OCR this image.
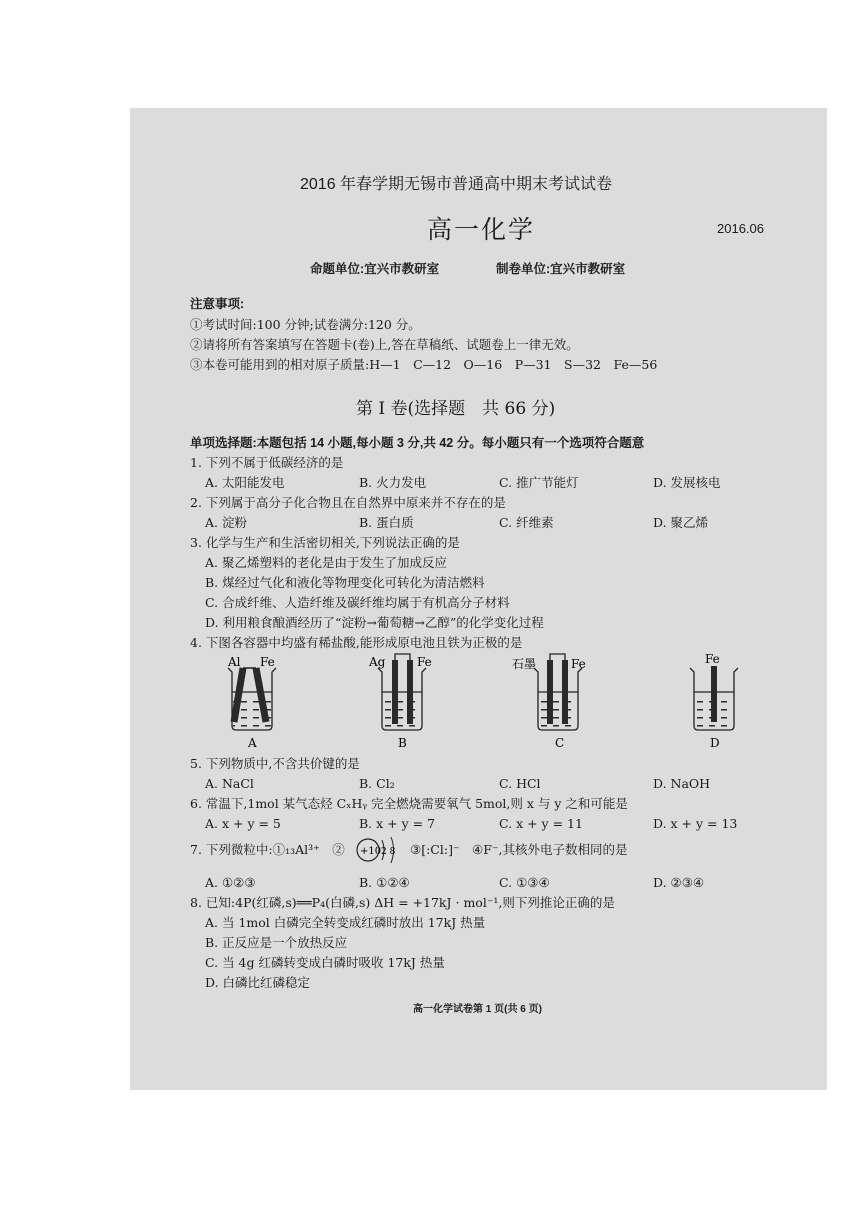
2016 年春学期无锡市普通高中期末考试试卷
高一化学	2016.06
命题单位:宜兴市教研室	制卷单位:宜兴市教研室
注意事项:
①考试时间:100 分钟;试卷满分:120 分。
②请将所有答案填写在答题卡(卷)上,答在草稿纸、试题卷上一律无效。
③本卷可能用到的相对原子质量:H—1　C—12　O—16　P—31　S—32　Fe—56
第 Ⅰ 卷(选择题　共 66 分)
单项选择题:本题包括 14 小题,每小题 3 分,共 42 分。每小题只有一个选项符合题意
1. 下列不属于低碳经济的是
A. 太阳能发电	B. 火力发电	C. 推广节能灯	D. 发展核电
2. 下列属于高分子化合物且在自然界中原来并不存在的是
A. 淀粉	B. 蛋白质	C. 纤维素	D. 聚乙烯
3. 化学与生产和生活密切相关,下列说法正确的是
A. 聚乙烯塑料的老化是由于发生了加成反应
B. 煤经过气化和液化等物理变化可转化为清洁燃料
C. 合成纤维、人造纤维及碳纤维均属于有机高分子材料
D. 利用粮食酿酒经历了“淀粉→葡萄糖→乙醇”的化学变化过程
4. 下图各容器中均盛有稀盐酸,能形成原电池且铁为正极的是
Al Fe
A
Ag	Fe
B
石墨	Fe
C
Fe
D
5. 下列物质中,不含共价键的是
A. NaCl	B. Cl₂	C. HCl	D. NaOH
6. 常温下,1mol 某气态烃 CₓHᵧ 完全燃烧需要氧气 5mol,则 x 与 y 之和可能是
A. x + y = 5	B. x + y = 7	C. x + y = 11	D. x + y = 13
7. 下列微粒中:①₁₃Al³⁺　② +10 2 8 ③[:Cl:]⁻　④F⁻,其核外电子数相同的是
A. ①②③	B. ①②④	C. ①③④	D. ②③④
8. 已知:4P(红磷,s)══P₄(白磷,s) ΔH = +17kJ · mol⁻¹,则下列推论正确的是
A. 当 1mol 白磷完全转变成红磷时放出 17kJ 热量
B. 正反应是一个放热反应
C. 当 4g 红磷转变成白磷时吸收 17kJ 热量
D. 白磷比红磷稳定
高一化学试卷第 1 页(共 6 页)
